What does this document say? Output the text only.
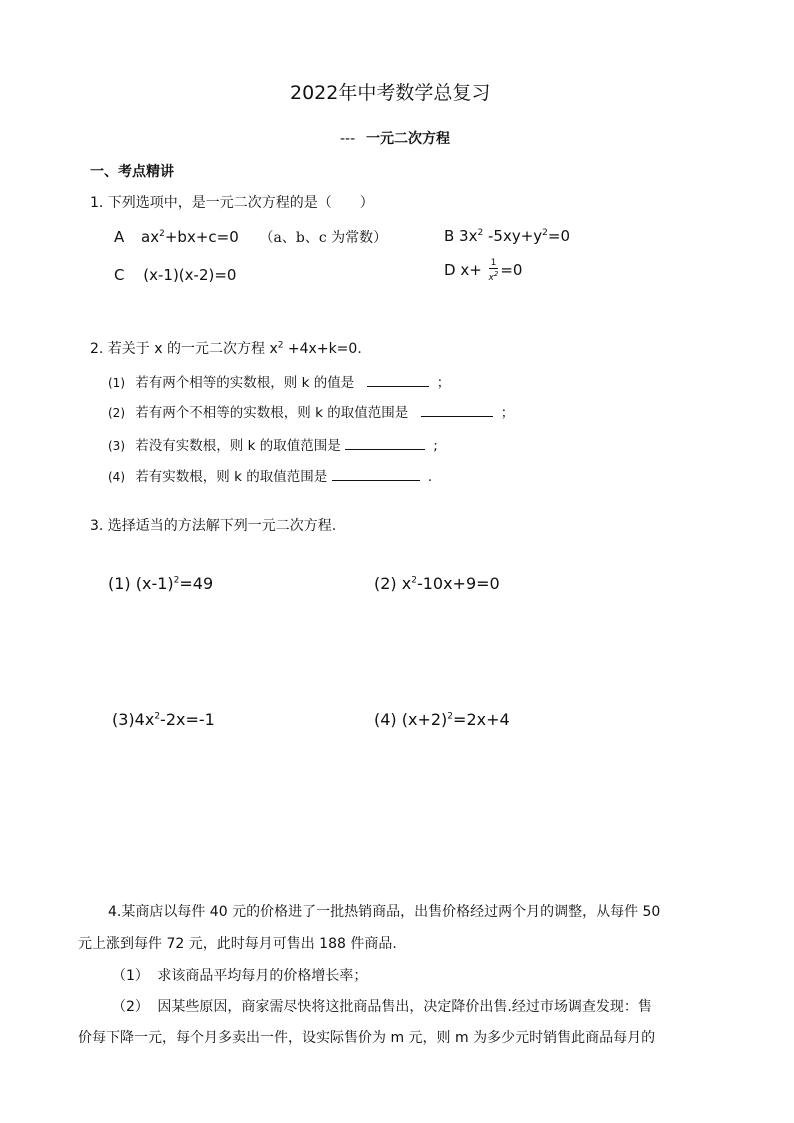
2022年中考数学总复习
--- 一元二次方程
一、考点精讲
1. 下列选项中，是一元二次方程的是（　　）
A $ax^2+bx+c=0$ （a、b、c 为常数）	B $3x^2$ $-5xy+y^2=0$
C (x-1)(x-2)=0	D $x+ \frac{1}{x^2} =0$
2. 若关于 x 的一元二次方程 $x^2 +4x+k=0$.
(1) 若有两个相等的实数根，则 k 的值是	；
(2) 若有两个不相等的实数根，则 k 的取值范围是	；
(3) 若没有实数根，则 k 的取值范围是	;
(4) 若有实数根，则 k 的取值范围是	.
3. 选择适当的方法解下列一元二次方程.
(1) $(x-1)^2=49$	(2) $x^2-10x+9=0$
$(3)4x^2-2x=-1$	(4) $(x+2)^2=2x+4$
4.某商店以每件 40 元的价格进了一批热销商品，出售价格经过两个月的调整，从每件 50
元上涨到每件 72 元，此时每月可售出 188 件商品.
（1） 求该商品平均每月的价格增长率；
（2） 因某些原因，商家需尽快将这批商品售出，决定降价出售.经过市场调查发现：售
价每下降一元，每个月多卖出一件，设实际售价为 m 元，则 m 为多少元时销售此商品每月的
